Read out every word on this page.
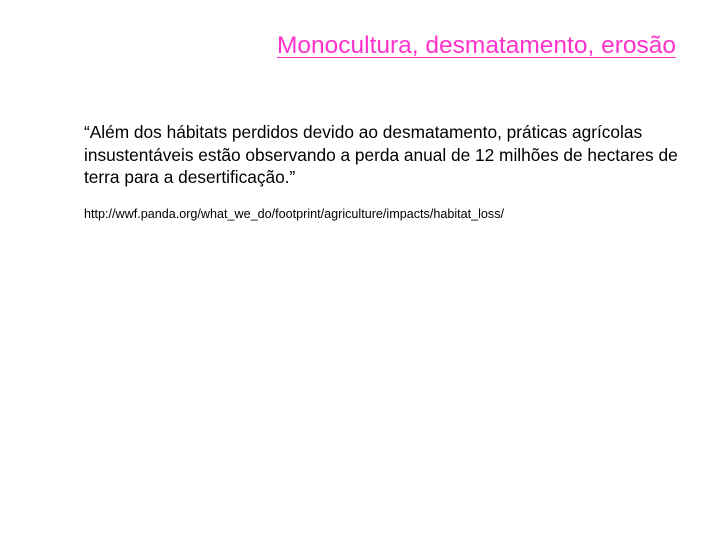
Monocultura, desmatamento, erosão

“Além dos hábitats perdidos devido ao desmatamento, práticas agrícolas insustentáveis estão observando a perda anual de 12 milhões de hectares de terra para a desertificação.”

http://wwf.panda.org/what_we_do/footprint/agriculture/impacts/habitat_loss/
